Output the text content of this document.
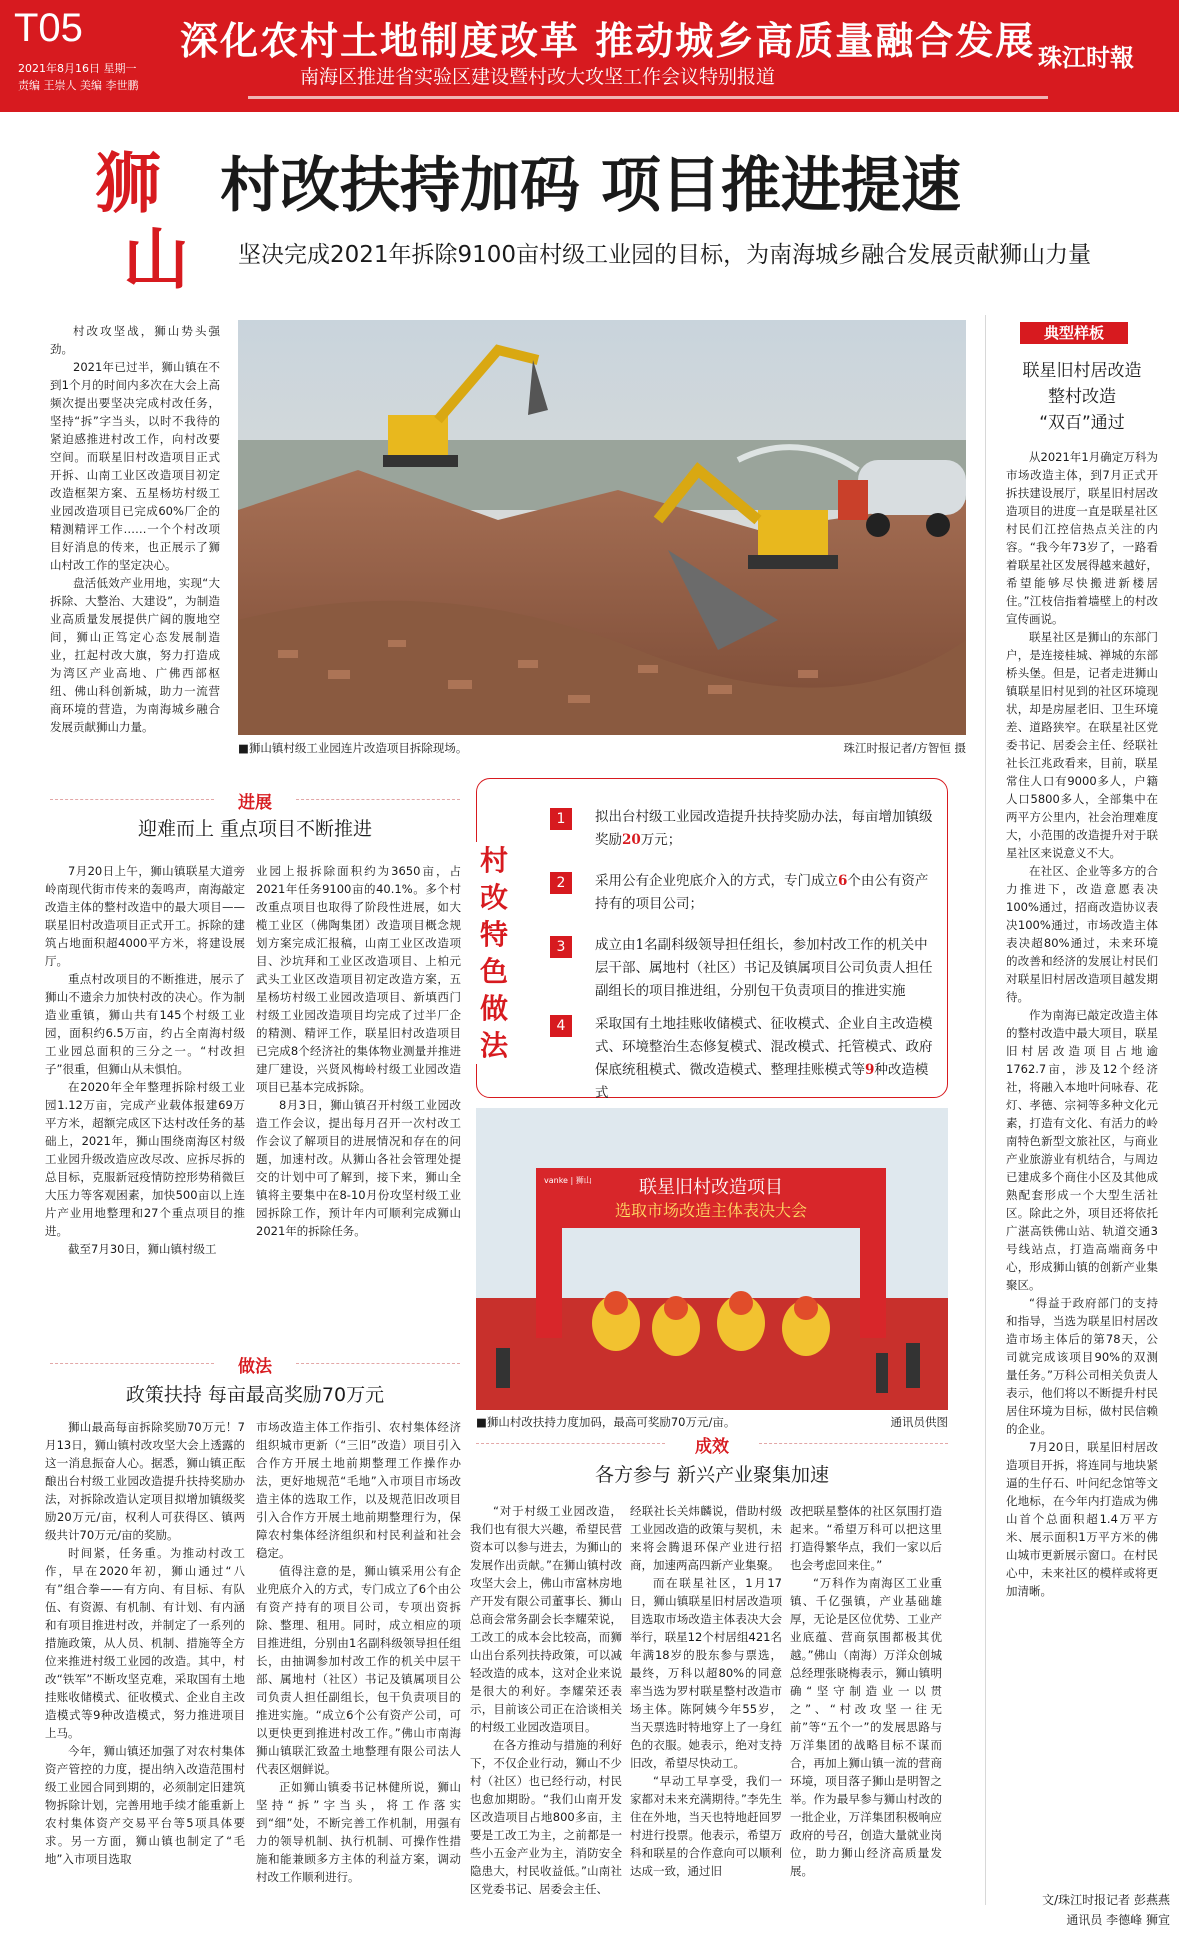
T05
2021年8月16日 星期一
责编 王崇人 美编 李世鹏
深化农村土地制度改革 推动城乡高质量融合发展
南海区推进省实验区建设暨村改大攻坚工作会议特别报道
珠江时報
狮
山
村改扶持加码 项目推进提速
坚决完成2021年拆除9100亩村级工业园的目标，为南海城乡融合发展贡献狮山力量

村改攻坚战，狮山势头强劲。

2021年已过半，狮山镇在不到1个月的时间内多次在大会上高频次提出要坚决完成村改任务，坚持“拆”字当头，以时不我待的紧迫感推进村改工作，向村改要空间。而联星旧村改造项目正式开拆、山南工业区改造项目初定改造框架方案、五星杨坊村级工业园改造项目已完成60%厂企的精测精评工作……一个个村改项目好消息的传来，也正展示了狮山村改工作的坚定决心。

盘活低效产业用地，实现“大拆除、大整治、大建设”，为制造业高质量发展提供广阔的腹地空间，狮山正笃定心态发展制造业，扛起村改大旗，努力打造成为湾区产业高地、广佛西部枢纽、佛山科创新城，助力一流营商环境的营造，为南海城乡融合发展贡献狮山力量。

■狮山镇村级工业园连片改造项目拆除现场。	珠江时报记者/方智恒 摄
进展
迎难而上 重点项目不断推进

7月20日上午，狮山镇联星大道旁岭南现代街市传来的轰鸣声，南海敲定改造主体的整村改造中的最大项目——联星旧村改造项目正式开工。拆除的建筑占地面积超4000平方米，将建设展厅。

重点村改项目的不断推进，展示了狮山不遗余力加快村改的决心。作为制造业重镇，狮山共有145个村级工业园，面积约6.5万亩，约占全南海村级工业园总面积的三分之一。“村改担子”很重，但狮山从未惧怕。

在2020年全年整理拆除村级工业园1.12万亩，完成产业载体报建69万平方米，超额完成区下达村改任务的基础上，2021年，狮山围绕南海区村级工业园升级改造应改尽改、应拆尽拆的总目标，克服新冠疫情防控形势稍微巨大压力等客观困素，加快500亩以上连片产业用地整理和27个重点项目的推进。

截至7月30日，狮山镇村级工

业园上报拆除面积约为3650亩，占2021年任务9100亩的40.1%。多个村改重点项目也取得了阶段性进展，如大榄工业区（佛陶集团）改造项目概念规划方案完成汇报稿，山南工业区改造项目、沙坑拜和工业区改造项目、上柏元武头工业区改造项目初定改造方案，五星杨坊村级工业园改造项目、新填西门村级工业园改造项目均完成了过半厂企的精测、精评工作，联星旧村改造项目已完成8个经济社的集体物业测量并推进建厂建设，兴贤风梅岭村级工业园改造项目已基本完成拆除。

8月3日，狮山镇召开村级工业园改造工作会议，提出每月召开一次村改工作会议了解项目的进展情况和存在的问题，加速村改。从狮山各社会管理处提交的计划中可了解到，接下来，狮山全镇将主要集中在8-10月份攻坚村级工业园拆除工作，预计年内可顺利完成狮山2021年的拆除任务。

村
改
特
色
做
法
1	拟出台村级工业园改造提升扶持奖励办法，每亩增加镇级奖励20万元；
2	采用公有企业兜底介入的方式，专门成立6个由公有资产持有的项目公司；
3	成立由1名副科级领导担任组长，参加村改工作的机关中层干部、属地村（社区）书记及镇属项目公司负责人担任副组长的项目推进组，分别包干负责项目的推进实施
4	采取国有土地挂账收储模式、征收模式、企业自主改造模式、环境整治生态修复模式、混改模式、托管模式、政府保底统租模式、微改造模式、整理挂账模式等9种改造模式
联星旧村改造项目
选取市场改造主体表决大会
vanke | 狮山
■狮山村改扶持力度加码，最高可奖励70万元/亩。	通讯员供图
做法
政策扶持 每亩最高奖励70万元

狮山最高每亩拆除奖励70万元！7月13日，狮山镇村改攻坚大会上透露的这一消息振奋人心。据悉，狮山镇正酝酿出台村级工业园改造提升扶持奖励办法，对拆除改造认定项目拟增加镇级奖励20万元/亩，权利人可获得区、镇两级共计70万元/亩的奖励。

时间紧，任务重。为推动村改工作，早在2020年初，狮山通过“八有”组合拳——有方向、有目标、有队伍、有资源、有机制、有计划、有内涵和有项目推进村改，并制定了一系列的措施政策，从人员、机制、措施等全方位来推进村级工业园的改造。其中，村改“铁军”不断攻坚克难，采取国有土地挂账收储模式、征收模式、企业自主改造模式等9种改造模式，努力推进项目上马。

今年，狮山镇还加强了对农村集体资产管控的力度，提出纳入改造范围村级工业园合同到期的，必须制定旧建筑物拆除计划，完善用地手续才能重新上农村集体资产交易平台等5项具体要求。另一方面，狮山镇也制定了“毛地”入市项目选取

市场改造主体工作指引、农村集体经济组织城市更新（“三旧”改造）项目引入合作方开展土地前期整理工作操作办法，更好地规范“毛地”入市项目市场改造主体的选取工作，以及规范旧改项目引入合作方开展土地前期整理行为，保障农村集体经济组织和村民利益和社会稳定。

值得注意的是，狮山镇采用公有企业兜底介入的方式，专门成立了6个由公有资产持有的项目公司，专项出资拆除、整理、租用。同时，成立相应的项目推进组，分别由1名副科级领导担任组长，由抽调参加村改工作的机关中层干部、属地村（社区）书记及镇属项目公司负责人担任副组长，包干负责项目的推进实施。“成立6个公有资产公司，可以更快更到推进村改工作。”佛山市南海狮山镇联汇致盈土地整理有限公司法人代表区烟鲜说。

正如狮山镇委书记林健所说，狮山坚持“拆”字当头，将工作落实到“细”处，不断完善工作机制，用强有力的领导机制、执行机制、可操作性措施和能兼顾多方主体的利益方案，调动村改工作顺利进行。

成效
各方参与 新兴产业聚集加速

“对于村级工业园改造，我们也有很大兴趣，希望民营资本可以参与进去，为狮山的发展作出贡献。”在狮山镇村改攻坚大会上，佛山市富林房地产开发有限公司董事长、狮山总商会常务副会长李耀荣说，工改工的成本会比较高，而狮山出台系列扶持政策，可以减轻改造的成本，这对企业来说是很大的利好。李耀荣还表示，目前该公司正在洽谈相关的村级工业园改造项目。

在各方推动与措施的利好下，不仅企业行动，狮山不少村（社区）也已经行动，村民也愈加期盼。“我们山南开发区改造项目占地800多亩，主要是工改工为主，之前都是一些小五金产业为主，消防安全隐患大，村民收益低。”山南社区党委书记、居委会主任、

经联社长关炜麟说，借助村级工业园改造的政策与契机，未来将会腾退环保产业进行招商，加速两高四新产业集聚。

而在联星社区，1月17日，狮山镇联星旧村居改造项目选取市场改造主体表决大会举行，联星12个村居组421名年满18岁的股东参与票选，最终，万科以超80%的同意率当选为罗村联星整村改造市场主体。陈阿姨今年55岁，当天票选时特地穿上了一身红色的衣服。她表示，绝对支持旧改，希望尽快动工。

“早动工早享受，我们一家都对未来充满期待。”李先生住在外地，当天也特地赶回罗村进行投票。他表示，希望万科和联星的合作意向可以顺利达成一致，通过旧

改把联星整体的社区氛围打造起来。“希望万科可以把这里打造得繁华点，我们一家以后也会考虑回来住。”

“万科作为南海区工业重镇、千亿强镇，产业基础雄厚，无论是区位优势、工业产业底蕴、营商氛围都极其优越。”佛山（南海）万洋众创城总经理张晓梅表示，狮山镇明确“坚守制造业一以贯之”、“村改攻坚一往无前”等“五个一”的发展思路与万洋集团的战略目标不谋而合，再加上狮山镇一流的营商环境，项目落子狮山是明智之举。作为最早参与狮山村改的一批企业，万洋集团积极响应政府的号召，创造大量就业岗位，助力狮山经济高质量发展。

典型样板
联星旧村居改造
整村改造
“双百”通过

从2021年1月确定万科为市场改造主体，到7月正式开拆扶建设展厅，联星旧村居改造项目的进度一直是联星社区村民们江控信热点关注的内容。“我今年73岁了，一路看着联星社区发展得越来越好，希望能够尽快搬进新楼居住。”江枝信指着墙壁上的村改宣传画说。

联星社区是狮山的东部门户，是连接桂城、禅城的东部桥头堡。但是，记者走进狮山镇联星旧村见到的社区环境现状，却是房屋老旧、卫生环境差、道路狭窄。在联星社区党委书记、居委会主任、经联社社长江兆政看来，目前，联星常住人口有9000多人，户籍人口5800多人，全部集中在两平方公里内，社会治理难度大，小范围的改造提升对于联星社区来说意义不大。

在社区、企业等多方的合力推进下，改造意愿表决100%通过，招商改造协议表决100%通过，市场改造主体表决超80%通过，未来环境的改善和经济的发展让村民们对联星旧村居改造项目越发期待。

作为南海已敲定改造主体的整村改造中最大项目，联星旧村居改造项目占地逾1762.7亩，涉及12个经济社，将融入本地叶问咏春、花灯、孝德、宗祠等多种文化元素，打造有文化、有活力的岭南特色新型文旅社区，与商业产业旅游业有机结合，与周边已建成多个商住小区及其他成熟配套形成一个大型生活社区。除此之外，项目还将依托广湛高铁佛山站、轨道交通3号线站点，打造高端商务中心，形成狮山镇的创新产业集聚区。

“得益于政府部门的支持和指导，当选为联星旧村居改造市场主体后的第78天，公司就完成该项目90%的双测量任务。”万科公司相关负责人表示，他们将以不断提升村民居住环境为目标，做村民信赖的企业。

7月20日，联星旧村居改造项目开拆，将连同与地块紧逼的生仔石、叶问纪念馆等文化地标，在今年内打造成为佛山首个总面积超1.4万平方米、展示面积1万平方米的佛山城市更新展示窗口。在村民心中，未来社区的模样或将更加清晰。

文/珠江时报记者 彭燕燕
通讯员 李德峰 狮宣
